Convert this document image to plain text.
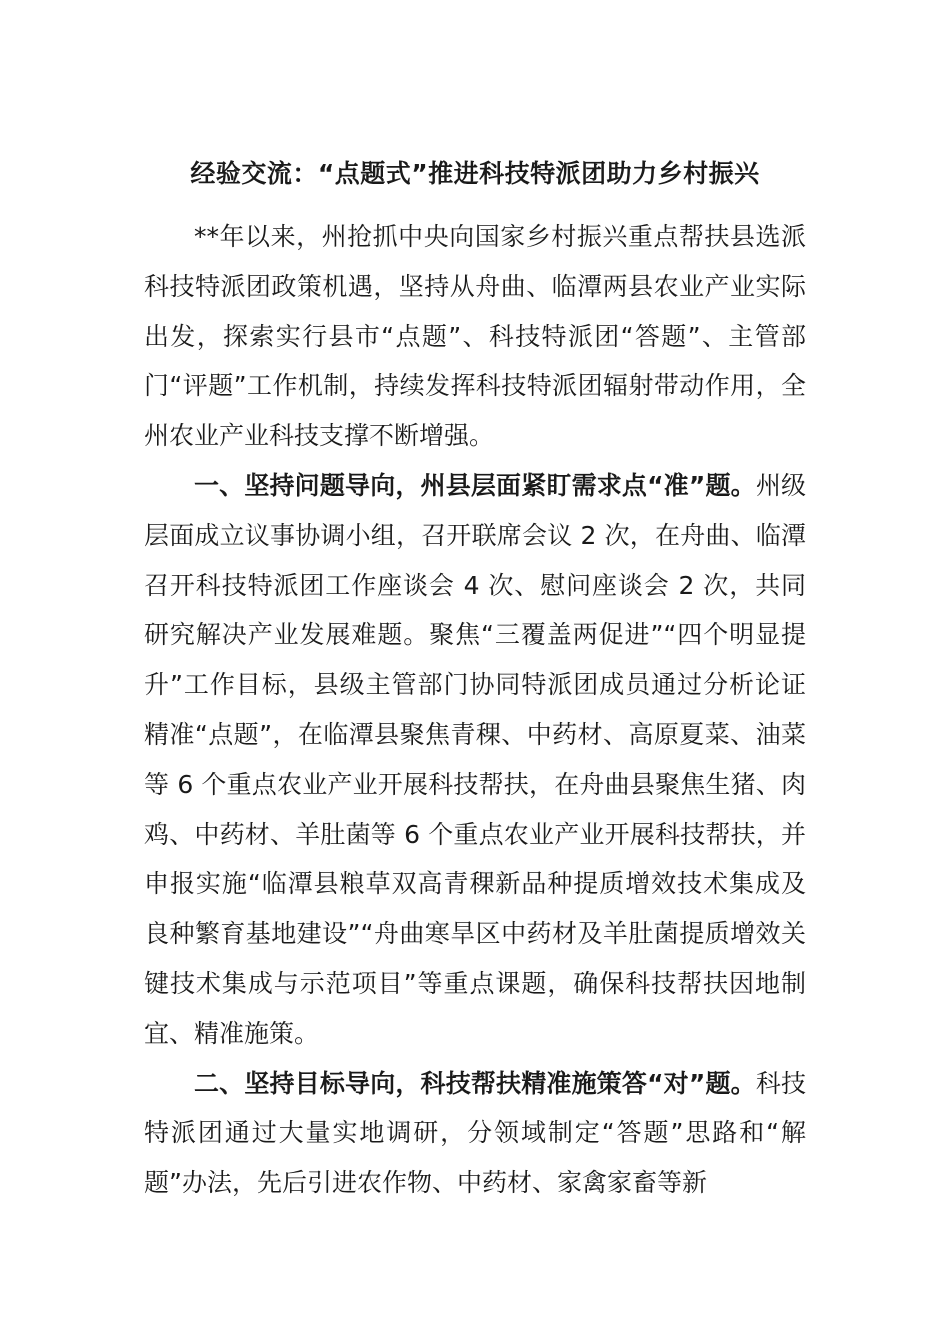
经验交流：“点题式”推进科技特派团助力乡村振兴

**年以来，州抢抓中央向国家乡村振兴重点帮扶县选派科技特派团政策机遇，坚持从舟曲、临潭两县农业产业实际出发，探索实行县市“点题”、科技特派团“答题”、主管部门“评题”工作机制，持续发挥科技特派团辐射带动作用，全州农业产业科技支撑不断增强。

一、坚持问题导向，州县层面紧盯需求点“准”题。州级层面成立议事协调小组，召开联席会议 2 次，在舟曲、临潭召开科技特派团工作座谈会 4 次、慰问座谈会 2 次，共同研究解决产业发展难题。聚焦“三覆盖两促进”“四个明显提升”工作目标，县级主管部门协同特派团成员通过分析论证精准“点题”，在临潭县聚焦青稞、中药材、高原夏菜、油菜等 6 个重点农业产业开展科技帮扶，在舟曲县聚焦生猪、肉鸡、中药材、羊肚菌等 6 个重点农业产业开展科技帮扶，并申报实施“临潭县粮草双高青稞新品种提质增效技术集成及良种繁育基地建设”“舟曲寒旱区中药材及羊肚菌提质增效关键技术集成与示范项目”等重点课题，确保科技帮扶因地制宜、精准施策。

二、坚持目标导向，科技帮扶精准施策答“对”题。科技特派团通过大量实地调研，分领域制定“答题”思路和“解题”办法，先后引进农作物、中药材、家禽家畜等新
